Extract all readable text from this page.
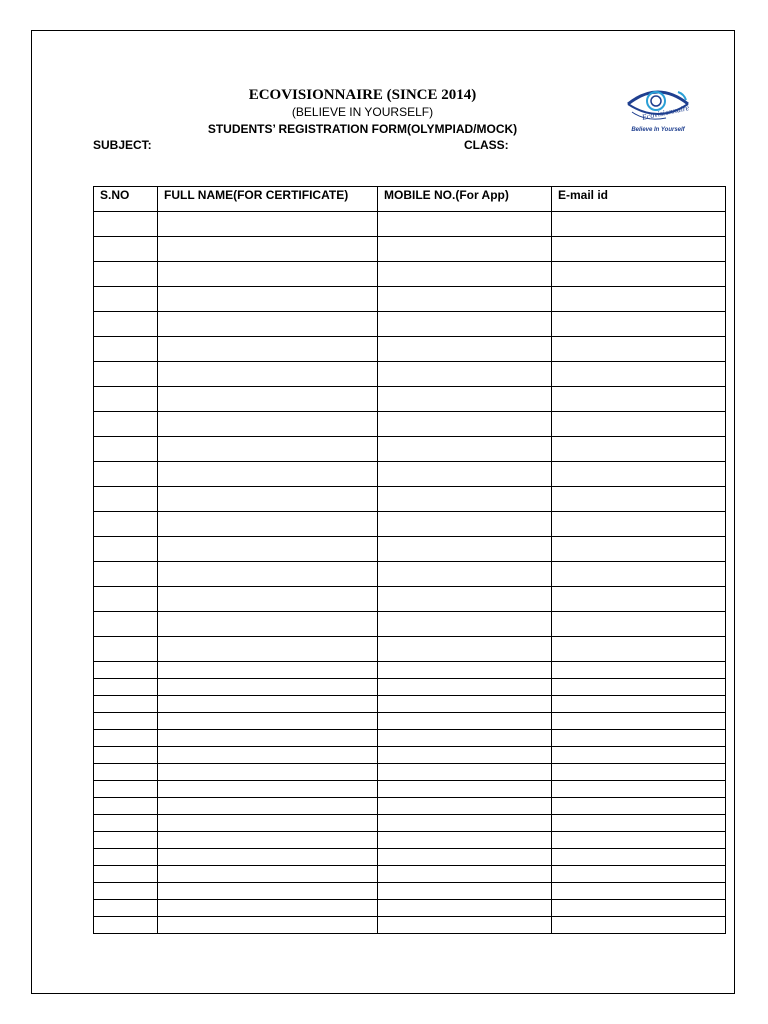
ECOVISIONNAIRE (SINCE 2014)
(BELIEVE IN YOURSELF)
STUDENTS’ REGISTRATION FORM(OLYMPIAD/MOCK)
SUBJECT:	CLASS:
Ecovisionnaire
Believe In Yourself
S.NO	FULL NAME(FOR CERTIFICATE)	MOBILE NO.(For App)	E-mail id
